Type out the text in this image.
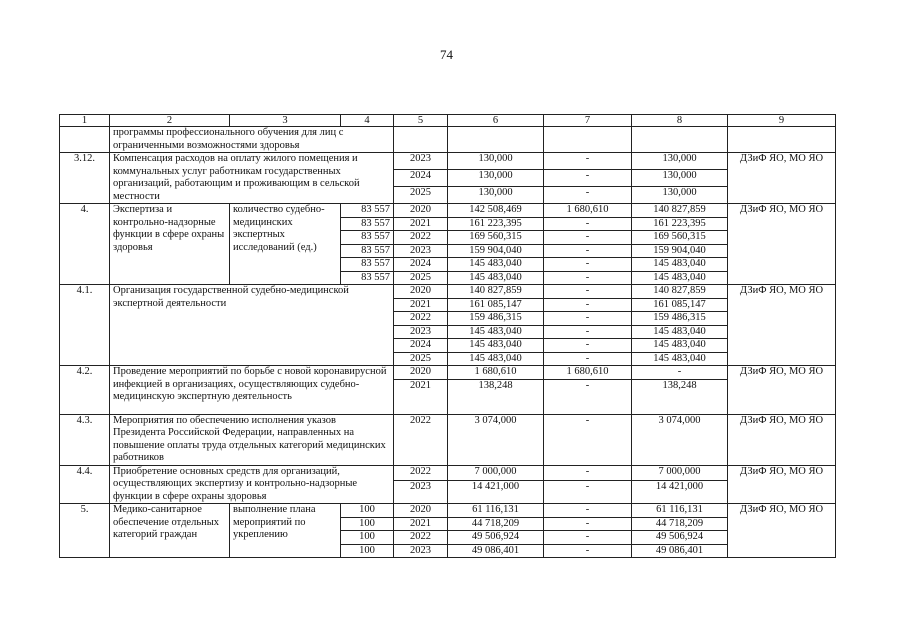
74
1	2	3	4	5	6	7	8	9
	программы профессионального обучения для лиц с ограниченными возможностями здоровья							
3.12.	Компенсация расходов на оплату жилого помещения и коммунальных услуг работникам государственных организаций, работающим и проживающим в сельской местности			2023	130,000	-	130,000	ДЗиФ ЯО, МО ЯО
				2024	130,000	-	130,000	
				2025	130,000	-	130,000	
4.	Экспертиза и контрольно-надзорные функции в сфере охраны здоровья	количество судебно-медицинских экспертных исследований (ед.)	83 557	2020	142 508,469	1 680,610	140 827,859	ДЗиФ ЯО, МО ЯО
			83 557	2021	161 223,395	-	161 223,395	
			83 557	2022	169 560,315	-	169 560,315	
			83 557	2023	159 904,040	-	159 904,040	
			83 557	2024	145 483,040	-	145 483,040	
			83 557	2025	145 483,040	-	145 483,040	
4.1.	Организация государственной судебно-медицинской экспертной деятельности			2020	140 827,859	-	140 827,859	ДЗиФ ЯО, МО ЯО
				2021	161 085,147	-	161 085,147	
				2022	159 486,315	-	159 486,315	
				2023	145 483,040	-	145 483,040	
				2024	145 483,040	-	145 483,040	
				2025	145 483,040	-	145 483,040	
4.2.	Проведение мероприятий по борьбе с новой коронавирусной инфекцией в организациях, осуществляющих судебно-медицинскую экспертную деятельность			2020	1 680,610	1 680,610	-	ДЗиФ ЯО, МО ЯО
				2021	138,248	-	138,248	
4.3.	Мероприятия по обеспечению исполнения указов Президента Российской Федерации, направленных на повышение оплаты труда отдельных категорий медицинских работников			2022	3 074,000	-	3 074,000	ДЗиФ ЯО, МО ЯО
4.4.	Приобретение основных средств для организаций, осуществляющих экспертизу и контрольно-надзорные функции в сфере охраны здоровья			2022	7 000,000	-	7 000,000	ДЗиФ ЯО, МО ЯО
				2023	14 421,000	-	14 421,000	
5.	Медико-санитарное обеспечение отдельных категорий граждан	выполнение плана мероприятий по укреплению	100	2020	61 116,131	-	61 116,131	ДЗиФ ЯО, МО ЯО
			100	2021	44 718,209	-	44 718,209	
			100	2022	49 506,924	-	49 506,924	
			100	2023	49 086,401	-	49 086,401	
